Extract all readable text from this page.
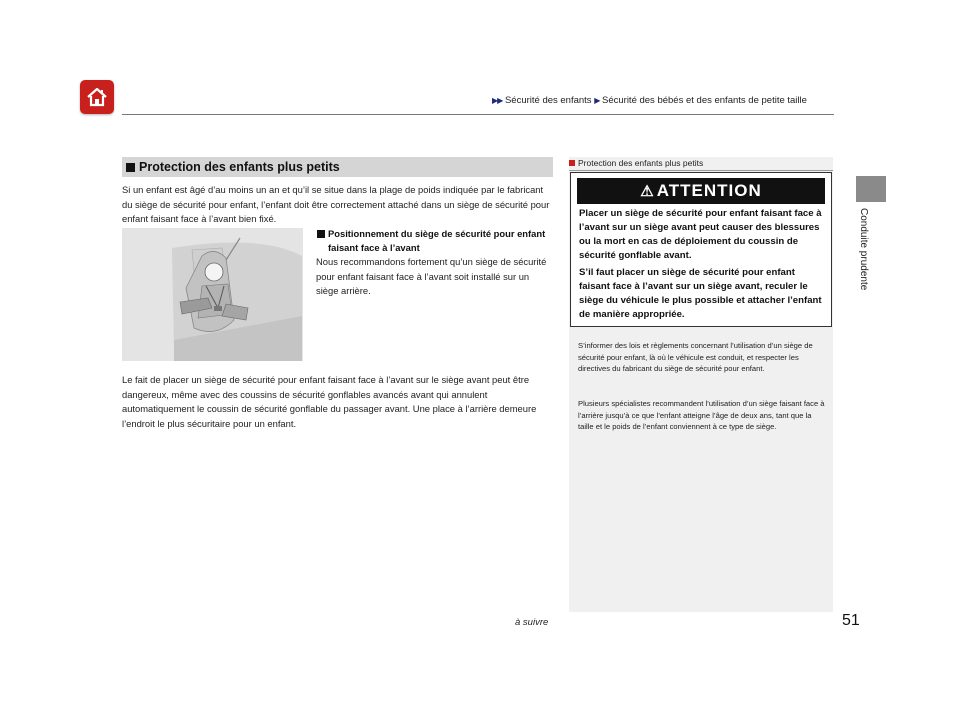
▶▶ Sécurité des enfants ▶ Sécurité des bébés et des enfants de petite taille
Conduite prudente
Protection des enfants plus petits
Si un enfant est âgé d’au moins un an et qu’il se situe dans la plage de poids indiquée par le fabricant du siège de sécurité pour enfant, l’enfant doit être correctement attaché dans un siège de sécurité pour enfant faisant face à l’avant bien fixé.
Positionnement du siège de sécurité pour enfant faisant face à l’avant
Nous recommandons fortement qu’un siège de sécurité pour enfant faisant face à l’avant soit installé sur un siège arrière.
Le fait de placer un siège de sécurité pour enfant faisant face à l’avant sur le siège avant peut être dangereux, même avec des coussins de sécurité gonflables avancés avant qui annulent automatiquement le coussin de sécurité gonflable du passager avant. Une place à l’arrière demeure l’endroit le plus sécuritaire pour un enfant.
Protection des enfants plus petits
⚠ ATTENTION
Placer un siège de sécurité pour enfant faisant face à l’avant sur un siège avant peut causer des blessures ou la mort en cas de déploiement du coussin de sécurité gonflable avant.
S’il faut placer un siège de sécurité pour enfant faisant face à l’avant sur un siège avant, reculer le siège du véhicule le plus possible et attacher l’enfant de manière appropriée.
S’informer des lois et règlements concernant l’utilisation d’un siège de sécurité pour enfant, là où le véhicule est conduit, et respecter les directives du fabricant du siège de sécurité pour enfant.
Plusieurs spécialistes recommandent l’utilisation d’un siège faisant face à l’arrière jusqu’à ce que l’enfant atteigne l’âge de deux ans, tant que la taille et le poids de l’enfant conviennent à ce type de siège.
à suivre	51
